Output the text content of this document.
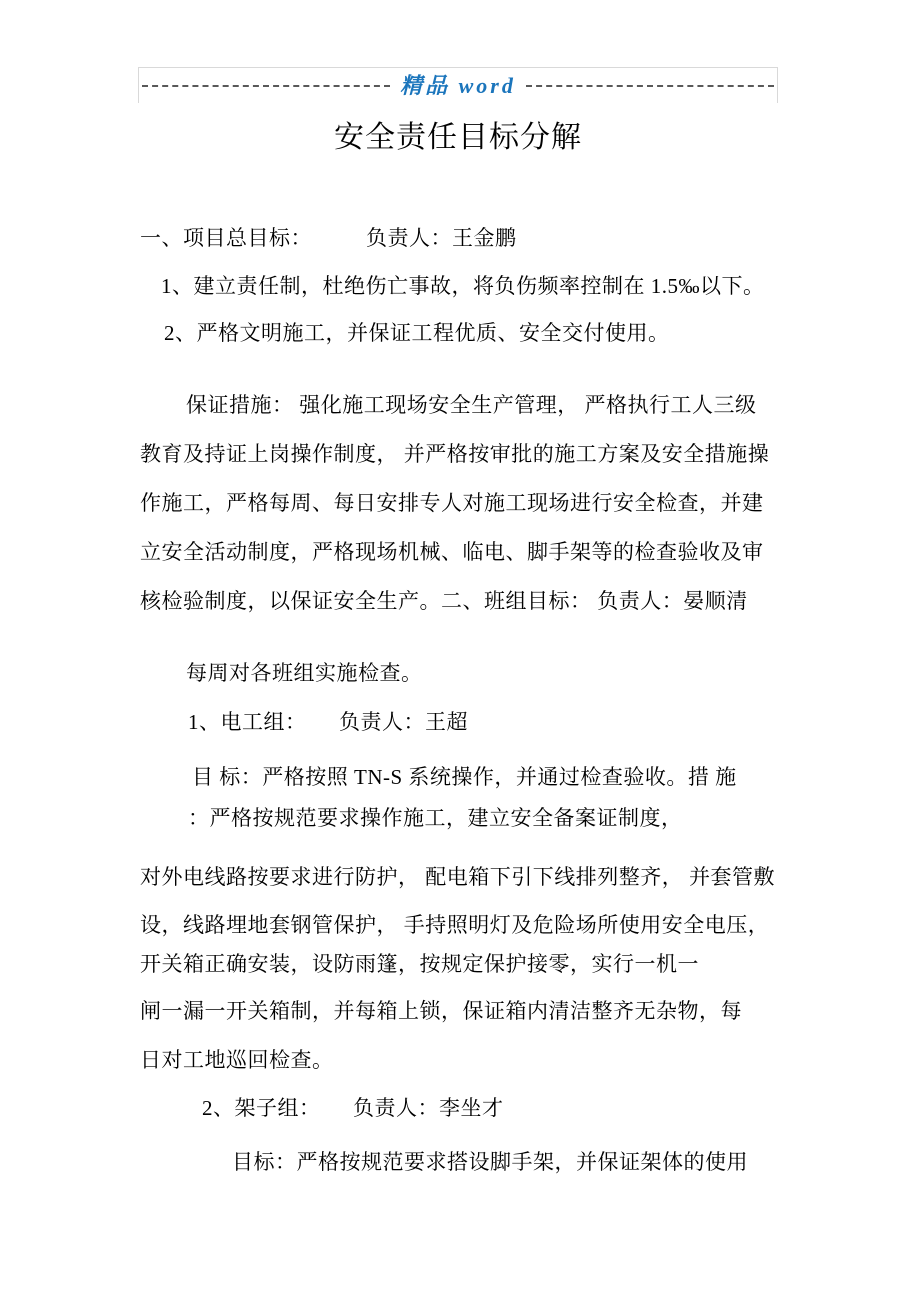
精品 word
安全责任目标分解
一、项目总目标：　　　负责人：王金鹏
1、建立责任制，杜绝伤亡事故，将负伤频率控制在 1.5‰以下。
2、严格文明施工，并保证工程优质、安全交付使用。
保证措施： 强化施工现场安全生产管理， 严格执行工人三级
教育及持证上岗操作制度， 并严格按审批的施工方案及安全措施操
作施工，严格每周、每日安排专人对施工现场进行安全检查，并建
立安全活动制度，严格现场机械、临电、脚手架等的检查验收及审
核检验制度，以保证安全生产。二、班组目标： 负责人：晏顺清
每周对各班组实施检查。
1、电工组：　　负责人：王超
目 标：严格按照 TN-S 系统操作，并通过检查验收。措 施
：严格按规范要求操作施工，建立安全备案证制度，
对外电线路按要求进行防护， 配电箱下引下线排列整齐， 并套管敷
设，线路埋地套钢管保护， 手持照明灯及危险场所使用安全电压，
开关箱正确安装，设防雨篷，按规定保护接零，实行一机一
闸一漏一开关箱制，并每箱上锁，保证箱内清洁整齐无杂物，每
日对工地巡回检查。
2、架子组：　　负责人：李坐才
目标：严格按规范要求搭设脚手架，并保证架体的使用
